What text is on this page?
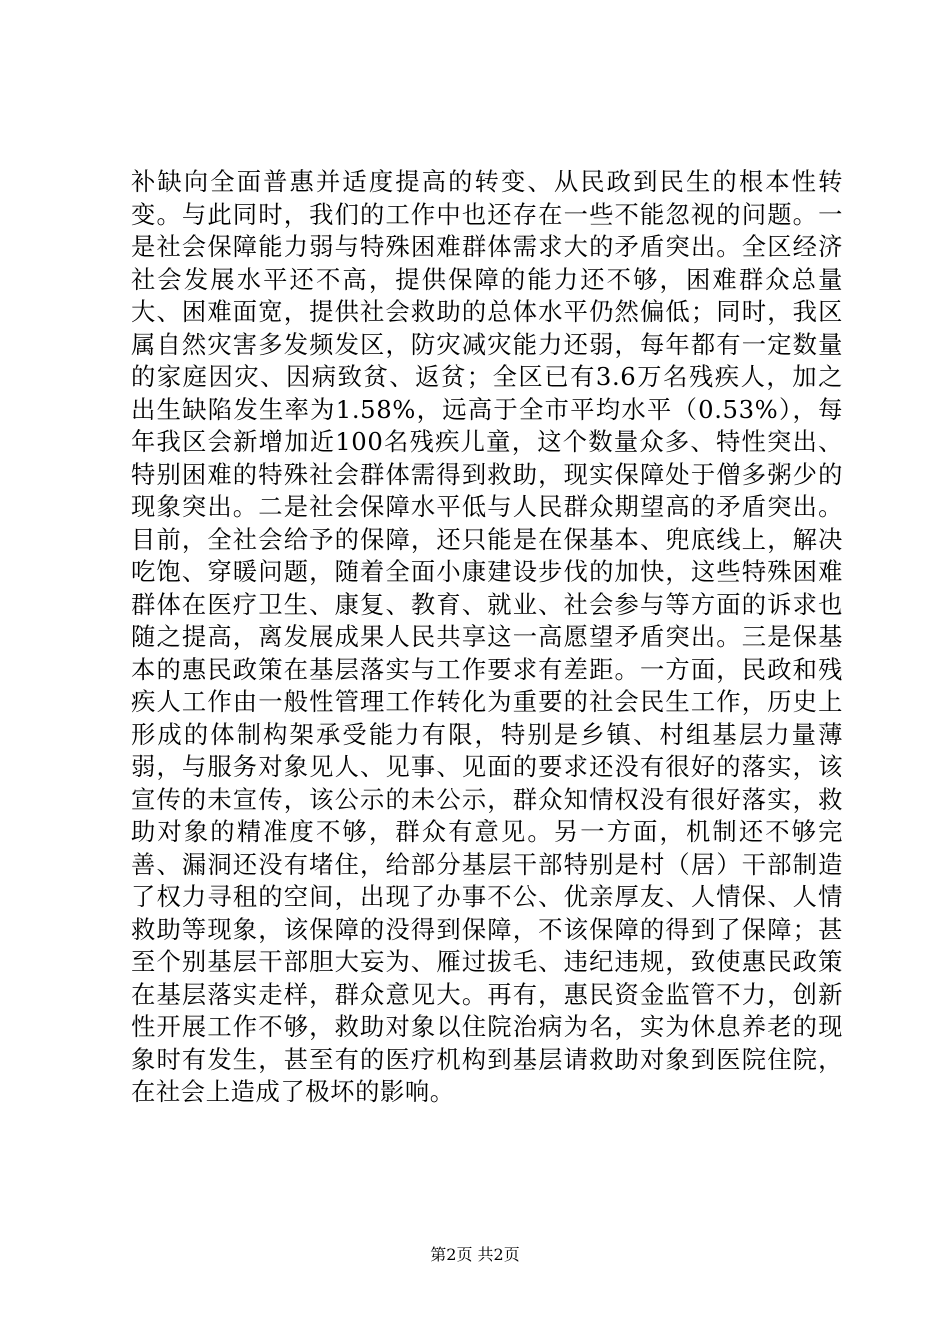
补缺向全面普惠并适度提高的转变、从民政到民生的根本性转变。与此同时，我们的工作中也还存在一些不能忽视的问题。一是社会保障能力弱与特殊困难群体需求大的矛盾突出。全区经济社会发展水平还不高，提供保障的能力还不够，困难群众总量大、困难面宽，提供社会救助的总体水平仍然偏低；同时，我区属自然灾害多发频发区，防灾减灾能力还弱，每年都有一定数量的家庭因灾、因病致贫、返贫；全区已有3.6万名残疾人，加之出生缺陷发生率为1.58%，远高于全市平均水平（0.53%），每年我区会新增加近100名残疾儿童，这个数量众多、特性突出、特别困难的特殊社会群体需得到救助，现实保障处于僧多粥少的现象突出。二是社会保障水平低与人民群众期望高的矛盾突出。目前，全社会给予的保障，还只能是在保基本、兜底线上，解决吃饱、穿暖问题，随着全面小康建设步伐的加快，这些特殊困难群体在医疗卫生、康复、教育、就业、社会参与等方面的诉求也随之提高，离发展成果人民共享这一高愿望矛盾突出。三是保基本的惠民政策在基层落实与工作要求有差距。一方面，民政和残疾人工作由一般性管理工作转化为重要的社会民生工作，历史上形成的体制构架承受能力有限，特别是乡镇、村组基层力量薄弱，与服务对象见人、见事、见面的要求还没有很好的落实，该宣传的未宣传，该公示的未公示，群众知情权没有很好落实，救助对象的精准度不够，群众有意见。另一方面，机制还不够完善、漏洞还没有堵住，给部分基层干部特别是村（居）干部制造了权力寻租的空间，出现了办事不公、优亲厚友、人情保、人情救助等现象，该保障的没得到保障，不该保障的得到了保障；甚至个别基层干部胆大妄为、雁过拔毛、违纪违规，致使惠民政策在基层落实走样，群众意见大。再有，惠民资金监管不力，创新性开展工作不够，救助对象以住院治病为名，实为休息养老的现象时有发生，甚至有的医疗机构到基层请救助对象到医院住院，在社会上造成了极坏的影响。

第2页 共2页
